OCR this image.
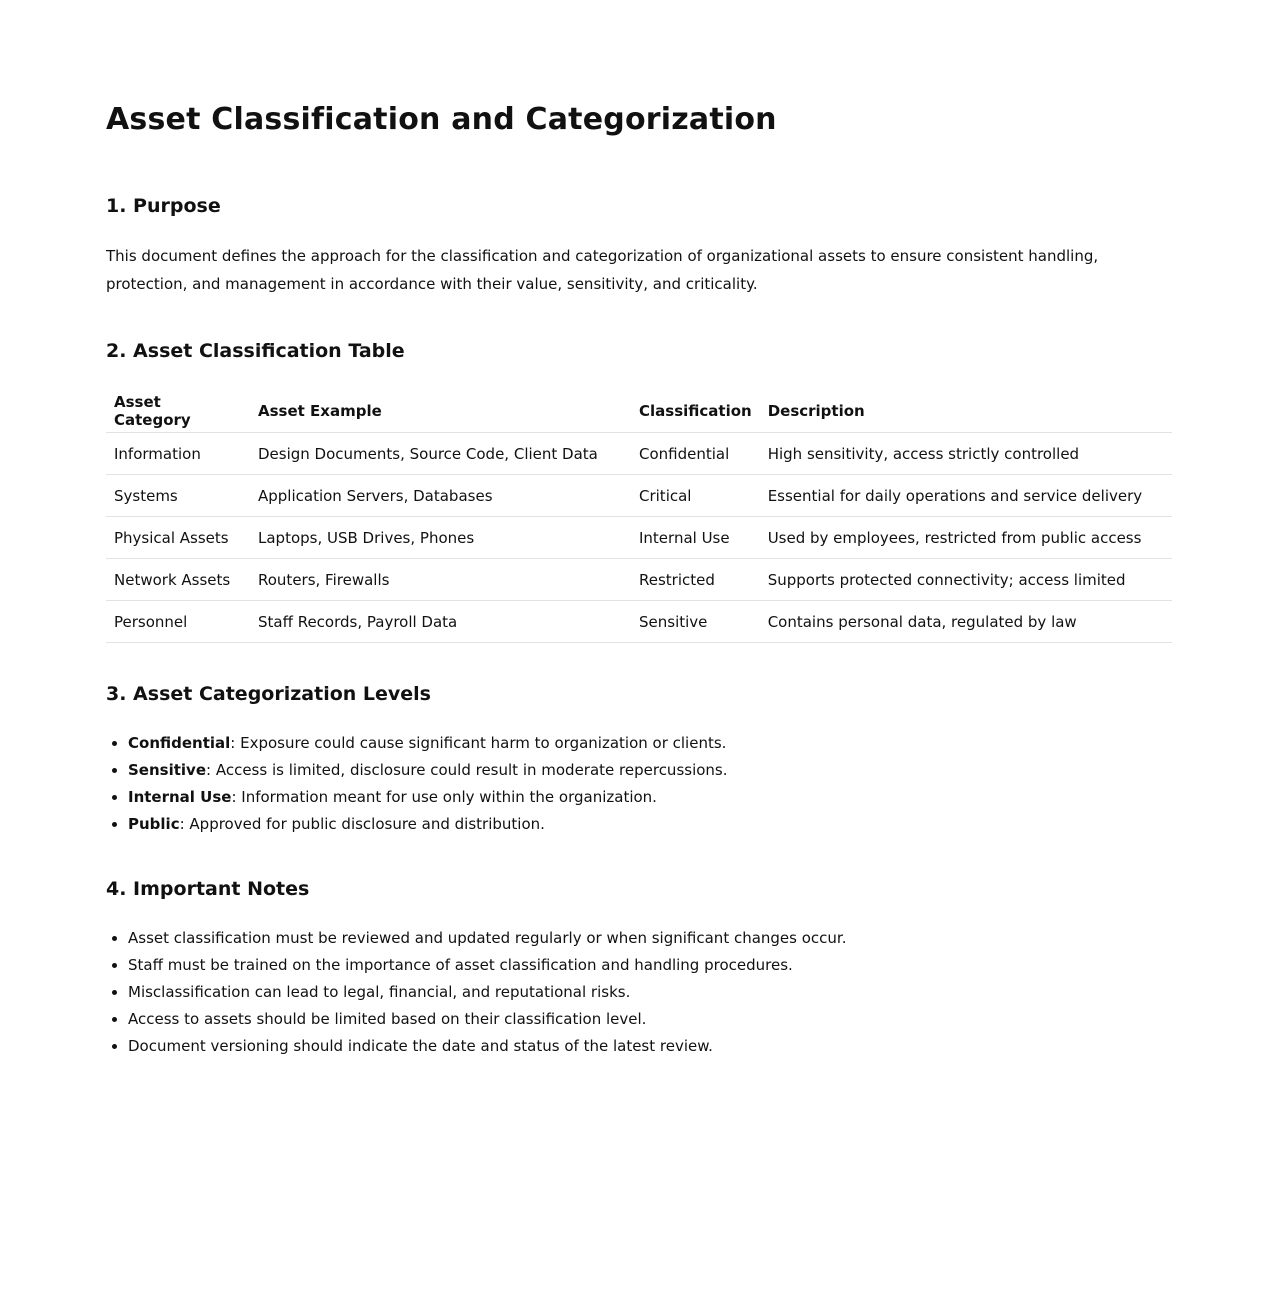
Asset Classification and Categorization
1. Purpose

This document defines the approach for the classification and categorization of organizational assets to ensure consistent handling, protection, and management in accordance with their value, sensitivity, and criticality.

2. Asset Classification Table
Asset Category	Asset Example	Classification	Description
Information	Design Documents, Source Code, Client Data	Confidential	High sensitivity, access strictly controlled
Systems	Application Servers, Databases	Critical	Essential for daily operations and service delivery
Physical Assets	Laptops, USB Drives, Phones	Internal Use	Used by employees, restricted from public access
Network Assets	Routers, Firewalls	Restricted	Supports protected connectivity; access limited
Personnel	Staff Records, Payroll Data	Sensitive	Contains personal data, regulated by law
3. Asset Categorization Levels
• Confidential: Exposure could cause significant harm to organization or clients.
• Sensitive: Access is limited, disclosure could result in moderate repercussions.
• Internal Use: Information meant for use only within the organization.
• Public: Approved for public disclosure and distribution.
4. Important Notes
• Asset classification must be reviewed and updated regularly or when significant changes occur.
• Staff must be trained on the importance of asset classification and handling procedures.
• Misclassification can lead to legal, financial, and reputational risks.
• Access to assets should be limited based on their classification level.
• Document versioning should indicate the date and status of the latest review.
